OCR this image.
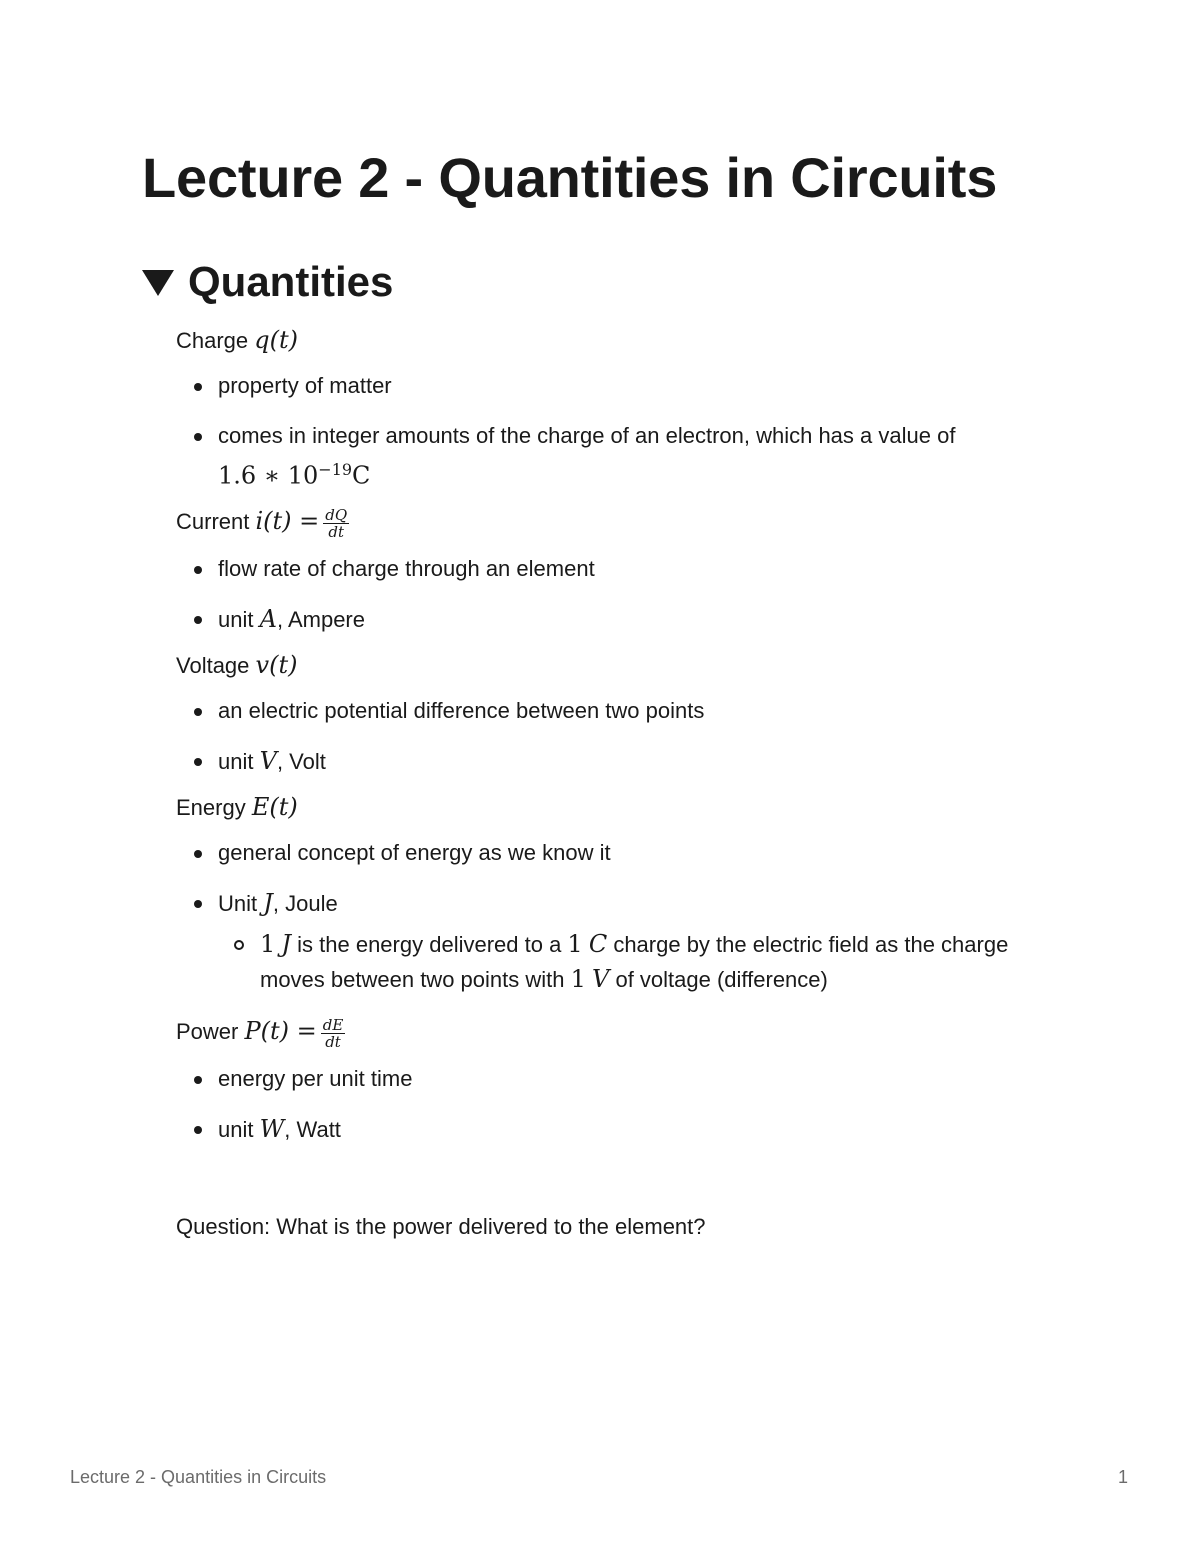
Lecture 2 - Quantities in Circuits
Quantities

Charge q(t)

property of matter
comes in integer amounts of the charge of an electron, which has a value of
1.6 ∗ $10^{-19}C$

Current $i(t) = \frac{dQ}{dt}$

flow rate of charge through an element
unit A, Ampere

Voltage v(t)

an electric potential difference between two points
unit V, Volt

Energy E(t)

general concept of energy as we know it
Unit J, Joule
1 J is the energy delivered to a 1 C charge by the electric field as the charge moves between two points with 1 V of voltage (difference)

Power $P(t) = \frac{dE}{dt}$

energy per unit time
unit W, Watt

Question: What is the power delivered to the element?

Lecture 2 - Quantities in Circuits	1
